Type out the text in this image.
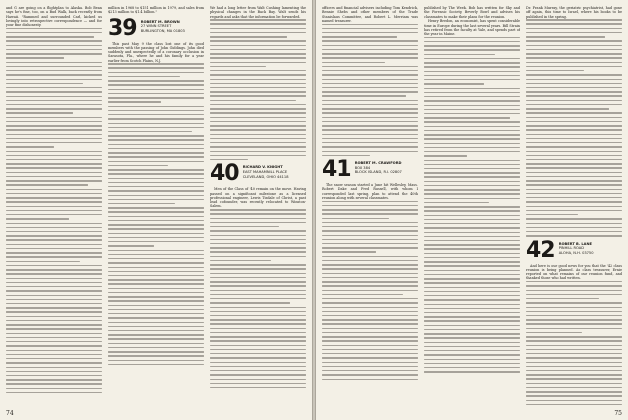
and G are going on a flightplan to Alaska. Bob Bean says he's fine, too, on a Bud Walk, back recently from Hawaii. "Rammed and surrounded Carl, kicked us lovingly into retrospective correspondence — and for your fine dishonesty.

million in 1968 to $151 million in 1979, and sales from $213 million to $1.4 billion."

39 ROBERT M. BROWN
27 WINN STREET
BURLINGTON, MA 01803

This past May 9 the class lost one of its good members with the passing of John Giddings. John died suddenly and unexpectedly of a coronary occlusion in Sarasota, Fla., where he and his family for a year earlier from Scotch Plains, N.J.

We had a long letter from Walt Cushing lamenting the physical changes in the Back Bay. Walt sends his regards and asks that the information be forwarded.

40 RICHARD V. KNIGHT
EAST MAHAMNILL PLACE
CLEVELAND, OHIO 44118

Men of the Class of '40 remain on the move. Having passed on a significant milestone as a licensed professional engineer, Lewis Tisdale of Christ, a past lead cofounder, was recently relocated to Winston-Salem.

74

officers and financial advisers including Tom Kendrick, Bennie Shebs and other members of the Trade Stanislaus Committee, and Robert L. Merriam was named treasurer.

41 ROBERT M. CRAWFORD
BOX 384
BLOCK ISLAND, R.I. 02807

The snow season started a June hit Wellesley, Mass. Robert Dake and Fred Russell, with whom I corresponded last spring, plan to attend the 40th reunion along with several classmates.

published by The Week. Bob has written for Sky and the Forensic Society, Beverly Bowl and advises his classmates to make their plans for the reunion.

Henry Bredon, an economist, has spent considerable time in Europe during the last several years. Bill Strain has retired from the faculty at Yale, and spends part of the year in Maine.

Dr. Frank Murray, the geriatric psychiatrist, had gone off again, this time to Israel, where his books to be published in the spring.

42 ROBERT B. LANE
PINHILL ROAD
ALOHA, N.H. 03750

And here is our good news for you that the '42 class reunion is being planned. As class treasurer, Ernie reported on what remains of our reunion fund, and thanked those who had written.

75
